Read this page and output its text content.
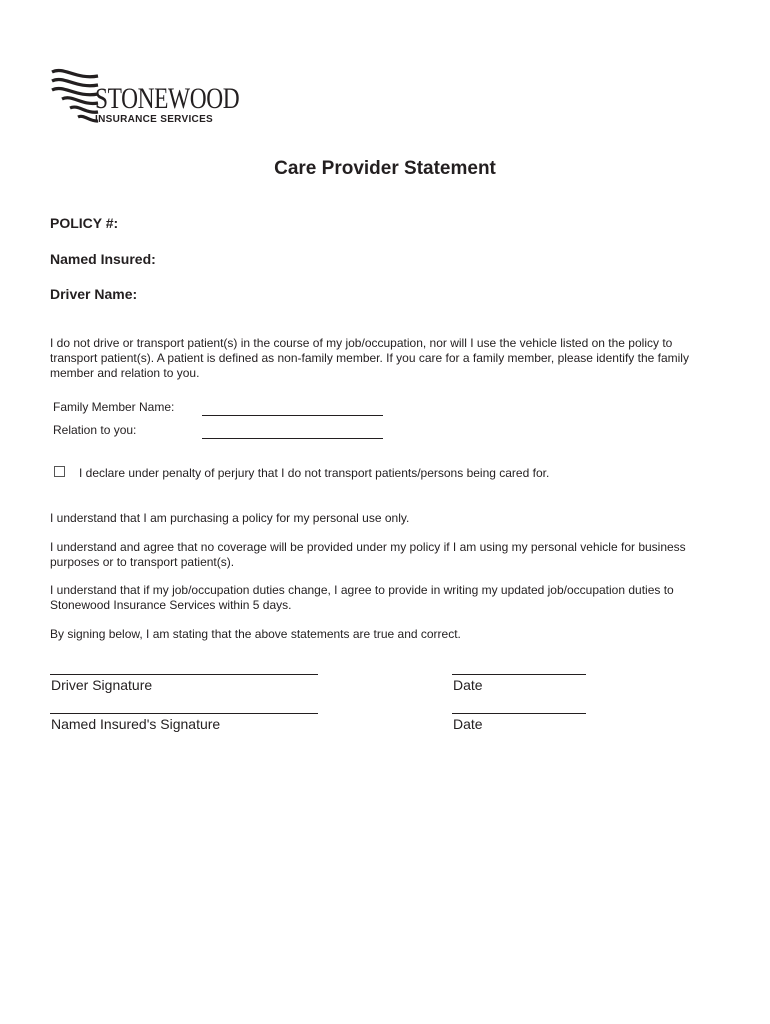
STONEWOOD
INSURANCE SERVICES
Care Provider Statement
POLICY #:
Named Insured:
Driver Name:
I do not drive or transport patient(s) in the course of my job/occupation, nor will I use the vehicle listed on the policy to transport patient(s). A patient is defined as non-family member. If you care for a family member, please identify the family member and relation to you.
Family Member Name:
Relation to you:
I declare under penalty of perjury that I do not transport patients/persons being cared for.
I understand that I am purchasing a policy for my personal use only.
I understand and agree that no coverage will be provided under my policy if I am using my personal vehicle for business purposes or to transport patient(s).
I understand that if my job/occupation duties change, I agree to provide in writing my updated job/occupation duties to Stonewood Insurance Services within 5 days.
By signing below, I am stating that the above statements are true and correct.
Driver Signature	Date
Named Insured's Signature	Date
